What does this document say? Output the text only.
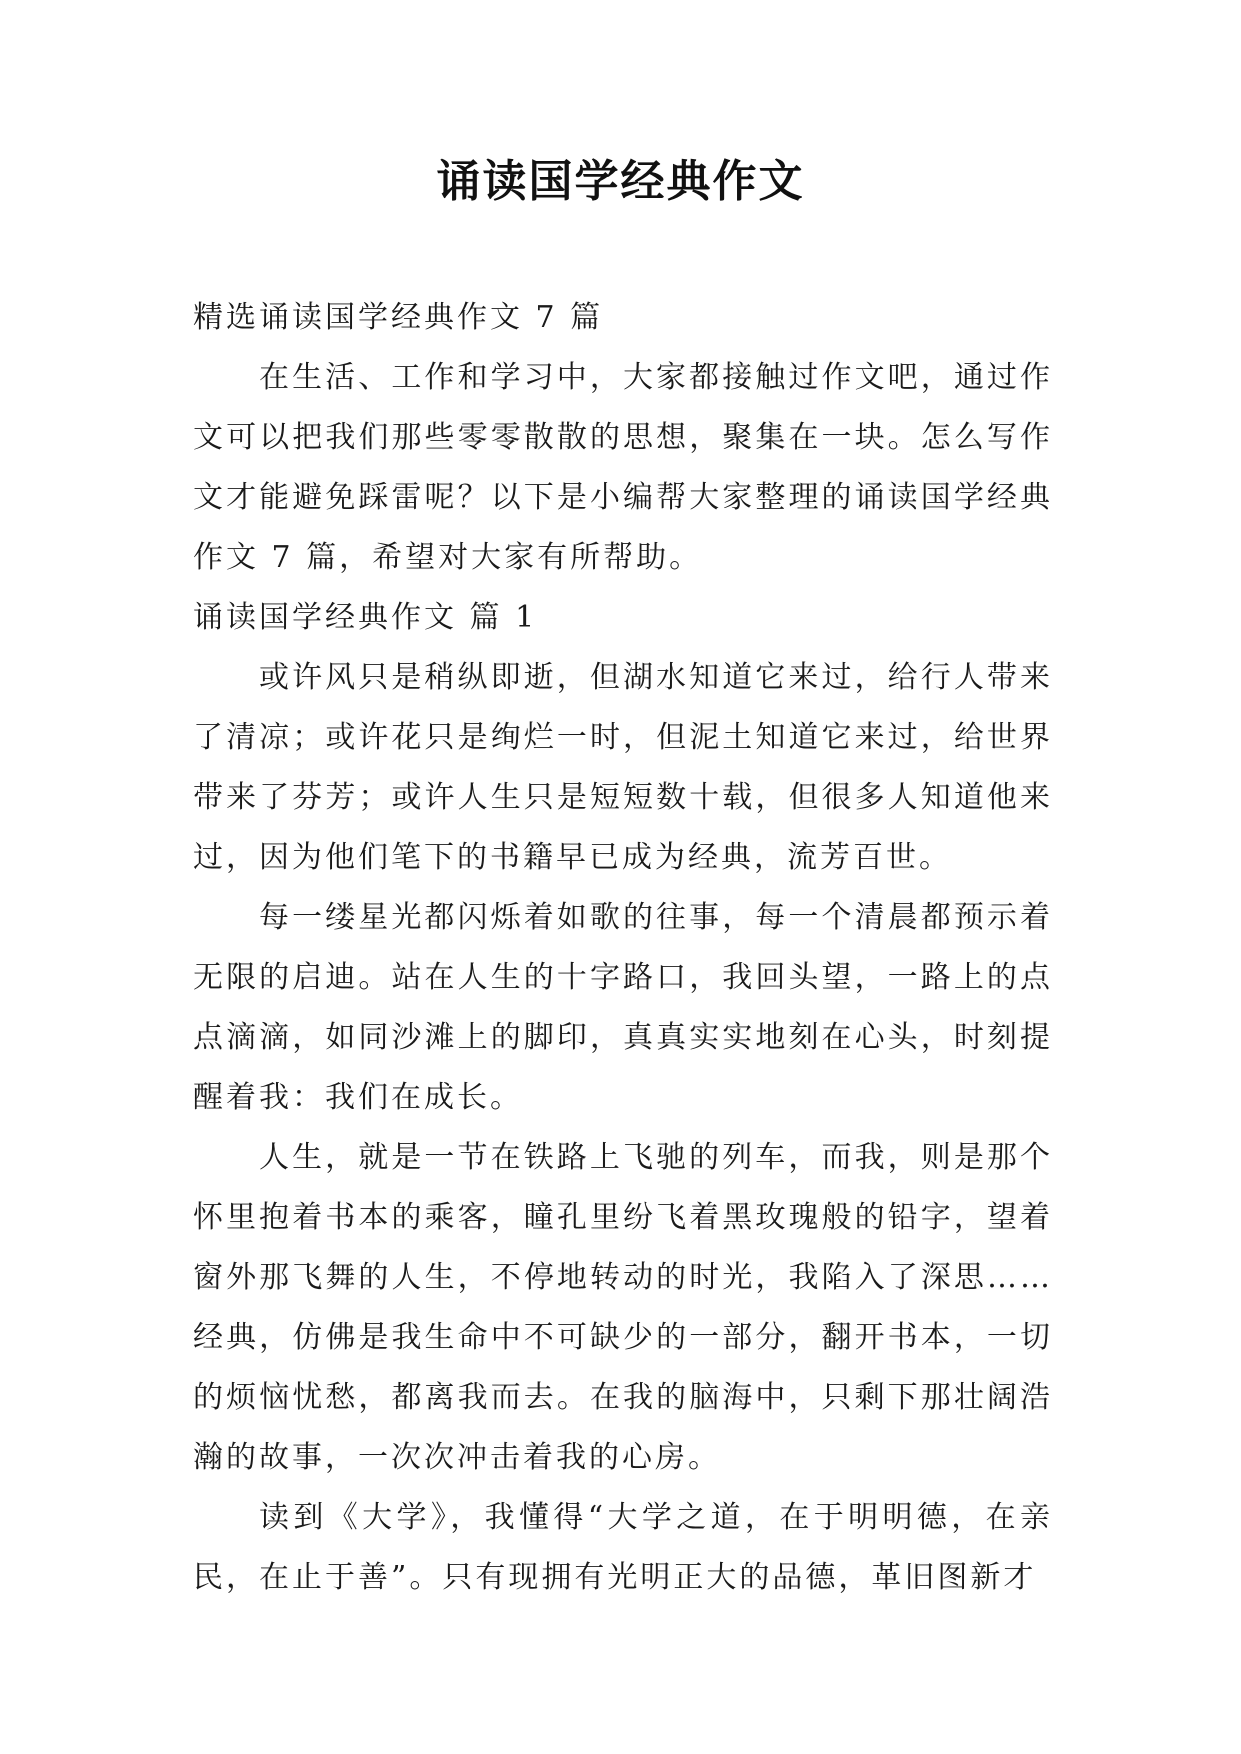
诵读国学经典作文

精选诵读国学经典作文 7 篇

在生活、工作和学习中，大家都接触过作文吧，通过作文可以把我们那些零零散散的思想，聚集在一块。怎么写作文才能避免踩雷呢？以下是小编帮大家整理的诵读国学经典作文 7 篇，希望对大家有所帮助。

诵读国学经典作文 篇 1

或许风只是稍纵即逝，但湖水知道它来过，给行人带来了清凉；或许花只是绚烂一时，但泥土知道它来过，给世界带来了芬芳；或许人生只是短短数十载，但很多人知道他来过，因为他们笔下的书籍早已成为经典，流芳百世。

每一缕星光都闪烁着如歌的往事，每一个清晨都预示着无限的启迪。站在人生的十字路口，我回头望，一路上的点点滴滴，如同沙滩上的脚印，真真实实地刻在心头，时刻提醒着我：我们在成长。

人生，就是一节在铁路上飞驰的列车，而我，则是那个怀里抱着书本的乘客，瞳孔里纷飞着黑玫瑰般的铅字，望着窗外那飞舞的人生，不停地转动的时光，我陷入了深思……经典，仿佛是我生命中不可缺少的一部分，翻开书本，一切的烦恼忧愁，都离我而去。在我的脑海中，只剩下那壮阔浩瀚的故事，一次次冲击着我的心房。

读到《大学》，我懂得“大学之道，在于明明德，在亲民，在止于善”。只有现拥有光明正大的品德，革旧图新才
